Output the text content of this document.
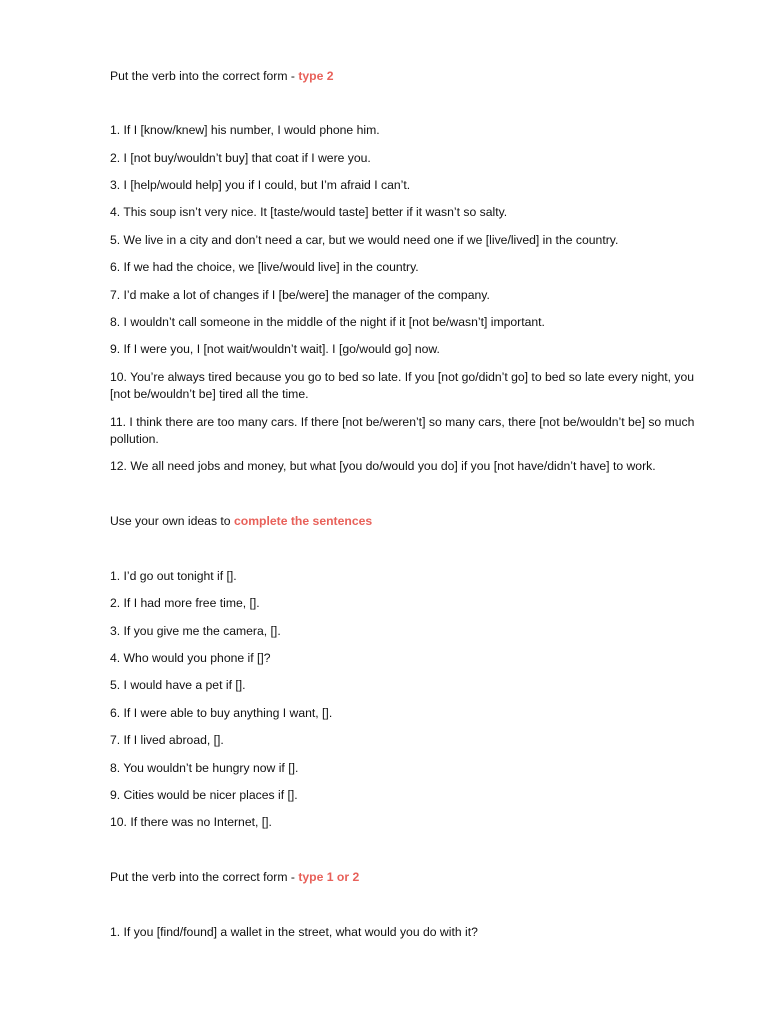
Put the verb into the correct form - type 2
1. If I [know/knew] his number, I would phone him.
2. I [not buy/wouldn’t buy] that coat if I were you.
3. I [help/would help] you if I could, but I’m afraid I can’t.
4. This soup isn’t very nice. It [taste/would taste] better if it wasn’t so salty.
5. We live in a city and don’t need a car, but we would need one if we [live/lived] in the country.
6. If we had the choice, we [live/would live] in the country.
7. I’d make a lot of changes if I [be/were] the manager of the company.
8. I wouldn’t call someone in the middle of the night if it [not be/wasn’t] important.
9. If I were you, I [not wait/wouldn’t wait]. I [go/would go] now.
10. You’re always tired because you go to bed so late. If you [not go/didn’t go] to bed so late every night, you [not be/wouldn’t be] tired all the time.
11. I think there are too many cars. If there [not be/weren’t] so many cars, there [not be/wouldn’t be] so much pollution.
12. We all need jobs and money, but what [you do/would you do] if you [not have/didn’t have] to work.
Use your own ideas to complete the sentences
1. I’d go out tonight if [].
2. If I had more free time, [].
3. If you give me the camera, [].
4. Who would you phone if []?
5. I would have a pet if [].
6. If I were able to buy anything I want, [].
7. If I lived abroad, [].
8. You wouldn’t be hungry now if [].
9. Cities would be nicer places if [].
10. If there was no Internet, [].
Put the verb into the correct form - type 1 or 2
1. If you [find/found] a wallet in the street, what would you do with it?
